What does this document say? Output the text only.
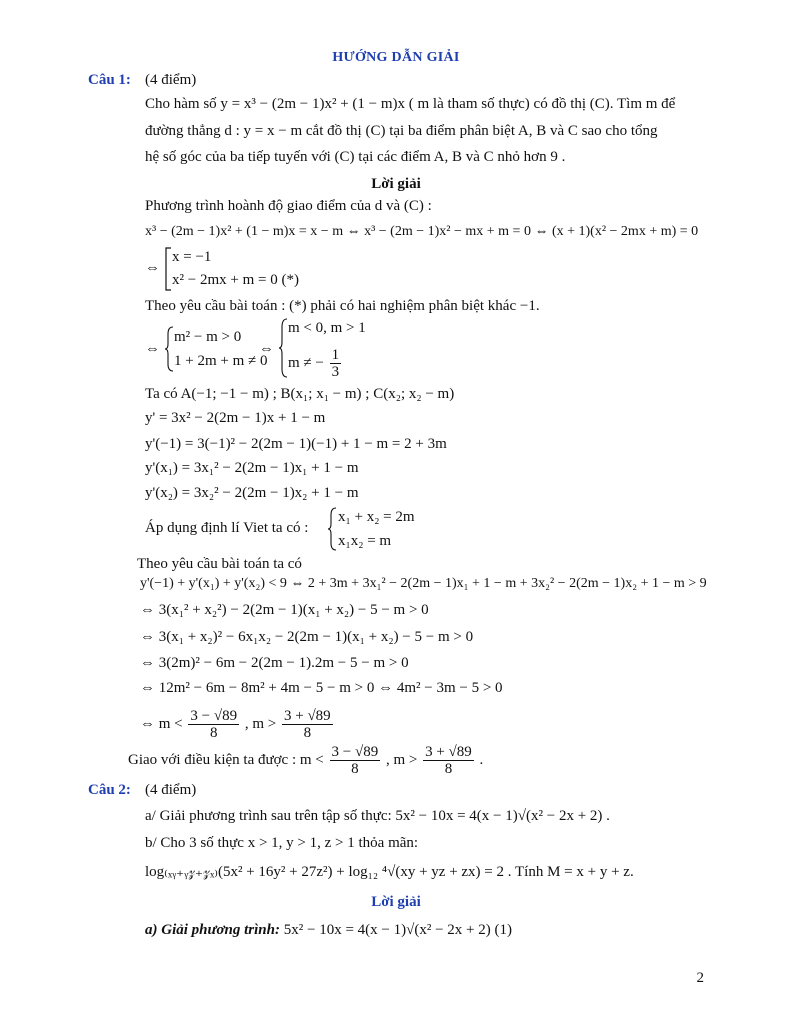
HƯỚNG DẪN GIẢI
Câu 1: (4 điểm)
Cho hàm số y = x³ − (2m − 1)x² + (1 − m)x ( m là tham số thực) có đồ thị (C). Tìm m để
đường thẳng d : y = x − m cắt đồ thị (C) tại ba điểm phân biệt A, B và C sao cho tổng
hệ số góc của ba tiếp tuyến với (C) tại các điểm A, B và C nhỏ hơn 9 .
Lời giải
Phương trình hoành độ giao điểm của d và (C) :
x³ − (2m − 1)x² + (1 − m)x = x − m ⇔ x³ − (2m − 1)x² − mx + m = 0 ⇔ (x + 1)(x² − 2mx + m) = 0
⇔
x = −1
x² − 2mx + m = 0 (*)
Theo yêu cầu bài toán : (*) phải có hai nghiệm phân biệt khác −1.
⇔
m² − m > 0
1 + 2m + m ≠ 0
⇔
m < 0, m > 1
m ≠ − $\frac{1}{3}$
Ta có A(−1; −1 − m) ; B(x₁; x₁ − m) ; C(x₂; x₂ − m)
y' = 3x² − 2(2m − 1)x + 1 − m
y'(−1) = 3(−1)² − 2(2m − 1)(−1) + 1 − m = 2 + 3m
y'(x₁) = 3x₁² − 2(2m − 1)x₁ + 1 − m
y'(x₂) = 3x₂² − 2(2m − 1)x₂ + 1 − m
Áp dụng định lí Viet ta có :
x₁ + x₂ = 2m
x₁x₂ = m
Theo yêu cầu bài toán ta có
y'(−1) + y'(x₁) + y'(x₂) < 9 ⇔ 2 + 3m + 3x₁² − 2(2m − 1)x₁ + 1 − m + 3x₂² − 2(2m − 1)x₂ + 1 − m > 9
⇔ 3(x₁² + x₂²) − 2(2m − 1)(x₁ + x₂) − 5 − m > 0
⇔ 3(x₁ + x₂)² − 6x₁x₂ − 2(2m − 1)(x₁ + x₂) − 5 − m > 0
⇔ 3(2m)² − 6m − 2(2m − 1).2m − 5 − m > 0
⇔ 12m² − 6m − 8m² + 4m − 5 − m > 0 ⇔ 4m² − 3m − 5 > 0
⇔ $m < \frac{3 - √89}{8}$ , $m > \frac{3 + √89}{8}$
Giao với điều kiện ta được : $m < \frac{3 - √89}{8}$ , $m > \frac{3 + √89}{8}$ .
Câu 2: (4 điểm)
a/ Giải phương trình sau trên tập số thực: 5x² − 10x = 4(x − 1)√(x² − 2x + 2) .
b/ Cho 3 số thực x > 1, y > 1, z > 1 thỏa mãn:
log₍ₓᵧ₊ᵧ𝓏₊𝓏ₓ₎(5x² + 16y² + 27z²) + log₁₂ ⁴√(xy + yz + zx) = 2 . Tính M = x + y + z.
Lời giải
a) Giải phương trình: 5x² − 10x = 4(x − 1)√(x² − 2x + 2) (1)
2
